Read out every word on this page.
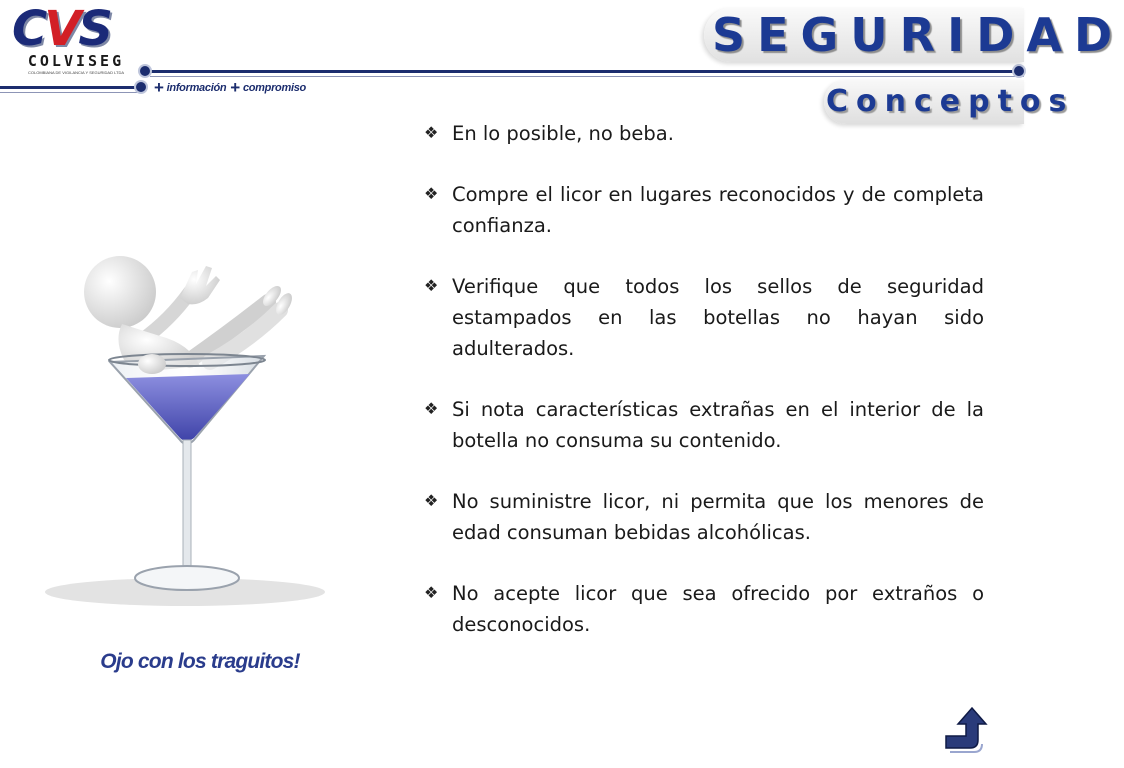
CVS
COLVISEG
COLOMBIANA DE VIGILANCIA Y SEGURIDAD LTDA
+ información + compromiso
SEGURIDAD
Conceptos
❖ En lo posible, no beba.
❖ Compre el licor en lugares reconocidos y de completa confianza.
❖ Verifique que todos los sellos de seguridad estampados en las botellas no hayan sido adulterados.
❖ Si nota características extrañas en el interior de la botella no consuma su contenido.
❖ No suministre licor, ni permita que los menores de edad consuman bebidas alcohólicas.
❖ No acepte licor que sea ofrecido por extraños o desconocidos.
Ojo con los traguitos!
